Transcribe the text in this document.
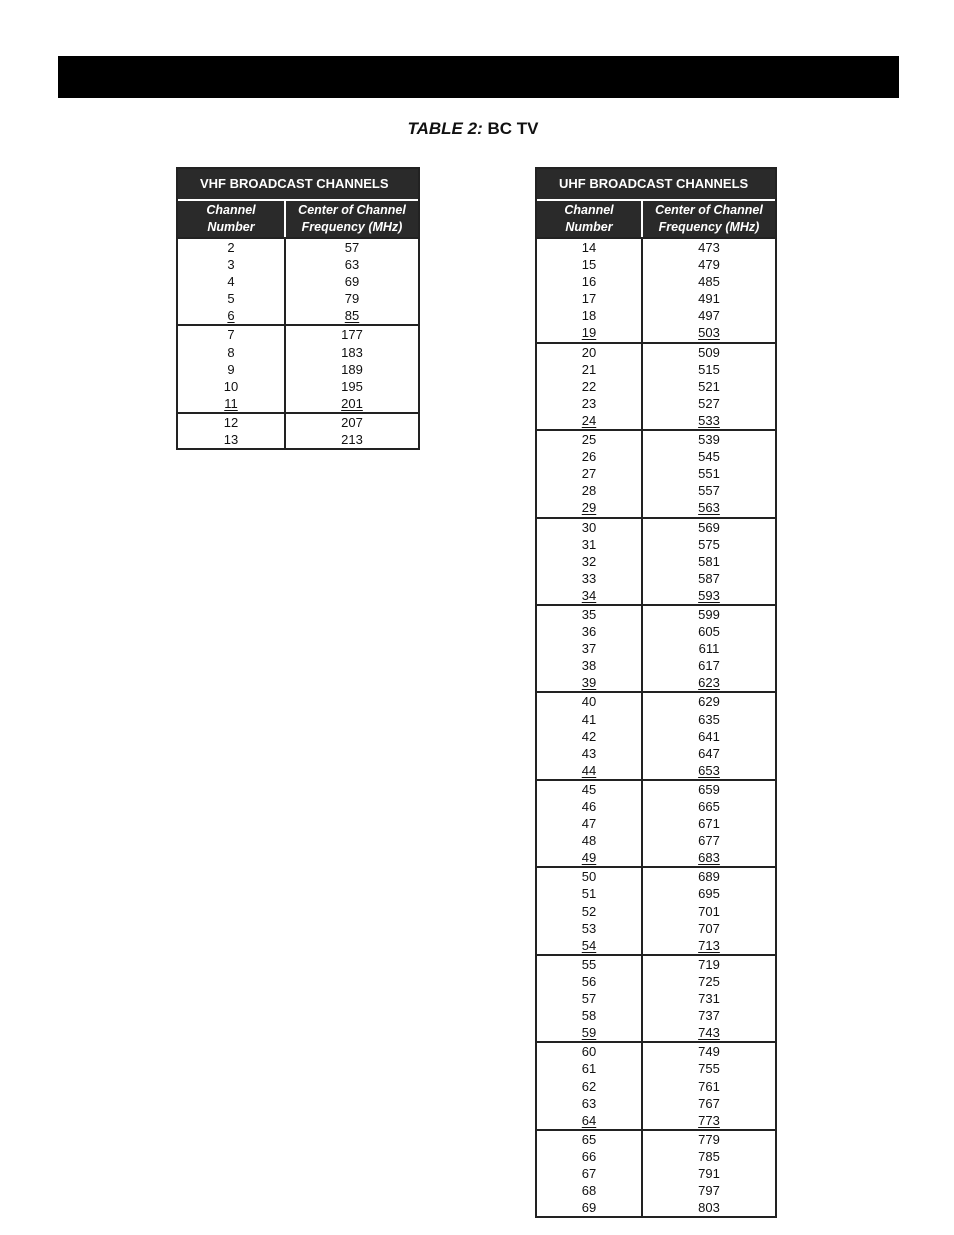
TABLE 2: BC TV
VHF BROADCAST CHANNELS
Channel
Number
Center of Channel
Frequency (MHz)
2	57
3	63
4	69
5	79
6	85
7	177
8	183
9	189
10	195
11	201
12	207
13	213
UHF BROADCAST CHANNELS
Channel
Number
Center of Channel
Frequency (MHz)
14	473
15	479
16	485
17	491
18	497
19	503
20	509
21	515
22	521
23	527
24	533
25	539
26	545
27	551
28	557
29	563
30	569
31	575
32	581
33	587
34	593
35	599
36	605
37	611
38	617
39	623
40	629
41	635
42	641
43	647
44	653
45	659
46	665
47	671
48	677
49	683
50	689
51	695
52	701
53	707
54	713
55	719
56	725
57	731
58	737
59	743
60	749
61	755
62	761
63	767
64	773
65	779
66	785
67	791
68	797
69	803
